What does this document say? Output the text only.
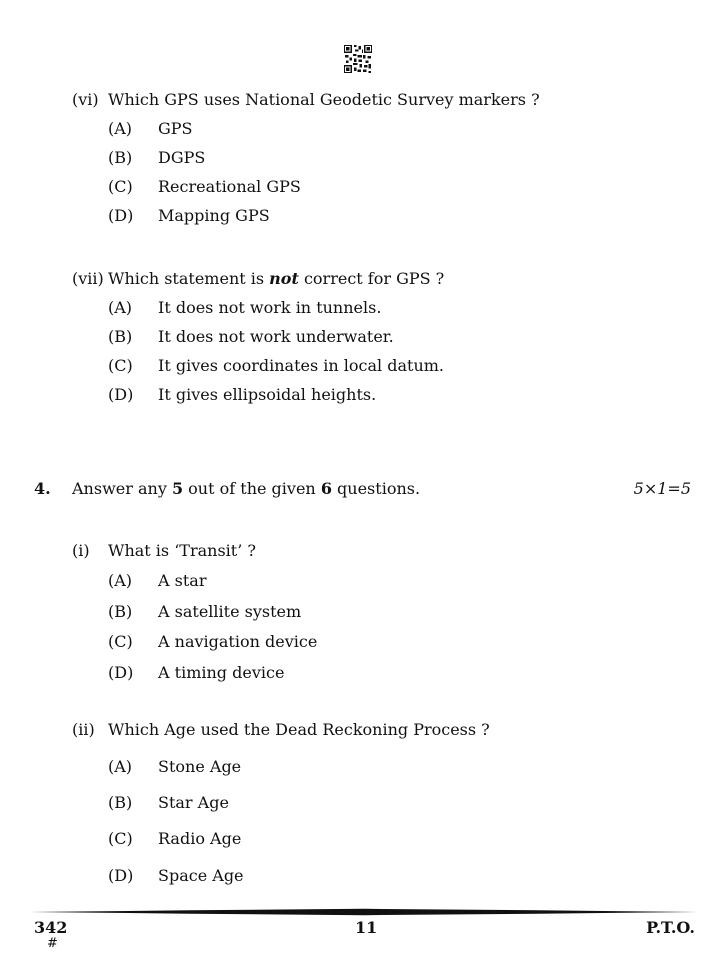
(vi) Which GPS uses National Geodetic Survey markers ?
(A) GPS
(B) DGPS
(C) Recreational GPS
(D) Mapping GPS
(vii) Which statement is not correct for GPS ?
(A) It does not work in tunnels.
(B) It does not work underwater.
(C) It gives coordinates in local datum.
(D) It gives ellipsoidal heights.
4. Answer any 5 out of the given 6 questions.	5×1=5
(i) What is ‘Transit’ ?
(A) A star
(B) A satellite system
(C) A navigation device
(D) A timing device
(ii) Which Age used the Dead Reckoning Process ?
(A) Stone Age
(B) Star Age
(C) Radio Age
(D) Space Age
342
#
11	P.T.O.
